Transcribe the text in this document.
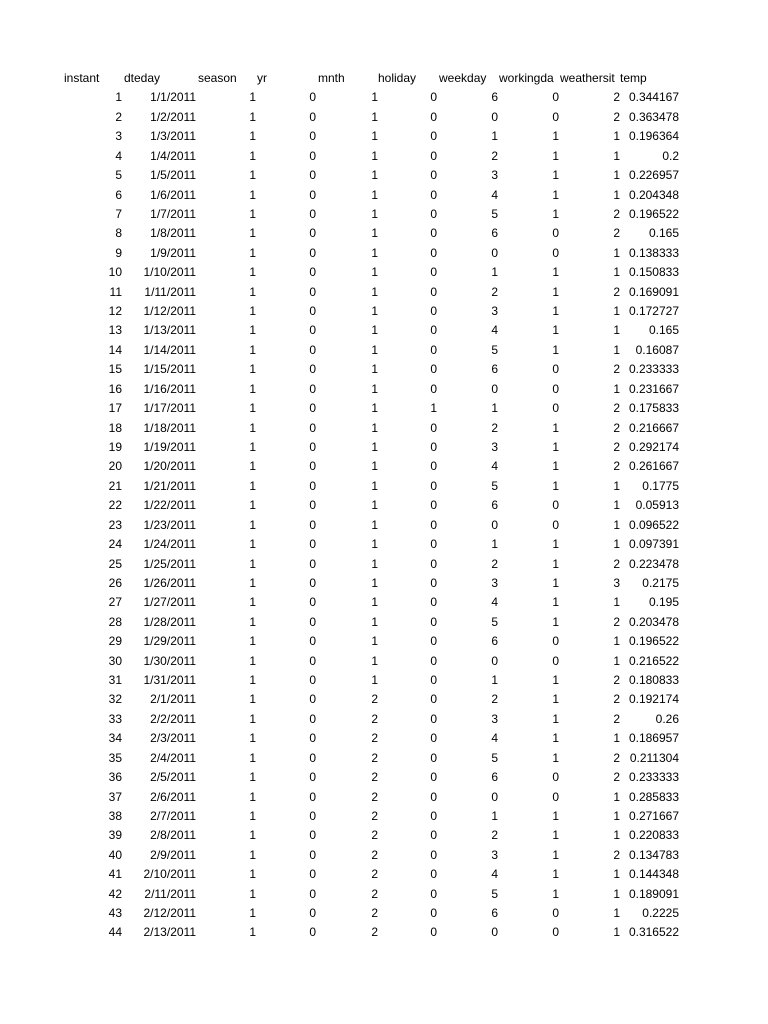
instant	dteday	season	yr	mnth	holiday	weekday	workingda weathersit temp
1	1/1/2011	1	0	1	0	6	0	2 0.344167
2	1/2/2011	1	0	1	0	0	0	2 0.363478
3	1/3/2011	1	0	1	0	1	1	1 0.196364
4	1/4/2011	1	0	1	0	2	1	1	0.2
5	1/5/2011	1	0	1	0	3	1	1 0.226957
6	1/6/2011	1	0	1	0	4	1	1 0.204348
7	1/7/2011	1	0	1	0	5	1	2 0.196522
8	1/8/2011	1	0	1	0	6	0	2	0.165
9	1/9/2011	1	0	1	0	0	0	1 0.138333
10	1/10/2011	1	0	1	0	1	1	1 0.150833
11	1/11/2011	1	0	1	0	2	1	2 0.169091
12	1/12/2011	1	0	1	0	3	1	1 0.172727
13	1/13/2011	1	0	1	0	4	1	1	0.165
14	1/14/2011	1	0	1	0	5	1	1	0.16087
15	1/15/2011	1	0	1	0	6	0	2 0.233333
16	1/16/2011	1	0	1	0	0	0	1 0.231667
17	1/17/2011	1	0	1	1	1	0	2 0.175833
18	1/18/2011	1	0	1	0	2	1	2 0.216667
19	1/19/2011	1	0	1	0	3	1	2 0.292174
20	1/20/2011	1	0	1	0	4	1	2 0.261667
21	1/21/2011	1	0	1	0	5	1	1	0.1775
22	1/22/2011	1	0	1	0	6	0	1	0.05913
23	1/23/2011	1	0	1	0	0	0	1 0.096522
24	1/24/2011	1	0	1	0	1	1	1 0.097391
25	1/25/2011	1	0	1	0	2	1	2 0.223478
26	1/26/2011	1	0	1	0	3	1	3	0.2175
27	1/27/2011	1	0	1	0	4	1	1	0.195
28	1/28/2011	1	0	1	0	5	1	2 0.203478
29	1/29/2011	1	0	1	0	6	0	1 0.196522
30	1/30/2011	1	0	1	0	0	0	1 0.216522
31	1/31/2011	1	0	1	0	1	1	2 0.180833
32	2/1/2011	1	0	2	0	2	1	2 0.192174
33	2/2/2011	1	0	2	0	3	1	2	0.26
34	2/3/2011	1	0	2	0	4	1	1 0.186957
35	2/4/2011	1	0	2	0	5	1	2 0.211304
36	2/5/2011	1	0	2	0	6	0	2 0.233333
37	2/6/2011	1	0	2	0	0	0	1 0.285833
38	2/7/2011	1	0	2	0	1	1	1 0.271667
39	2/8/2011	1	0	2	0	2	1	1 0.220833
40	2/9/2011	1	0	2	0	3	1	2 0.134783
41	2/10/2011	1	0	2	0	4	1	1 0.144348
42	2/11/2011	1	0	2	0	5	1	1 0.189091
43	2/12/2011	1	0	2	0	6	0	1	0.2225
44	2/13/2011	1	0	2	0	0	0	1 0.316522
